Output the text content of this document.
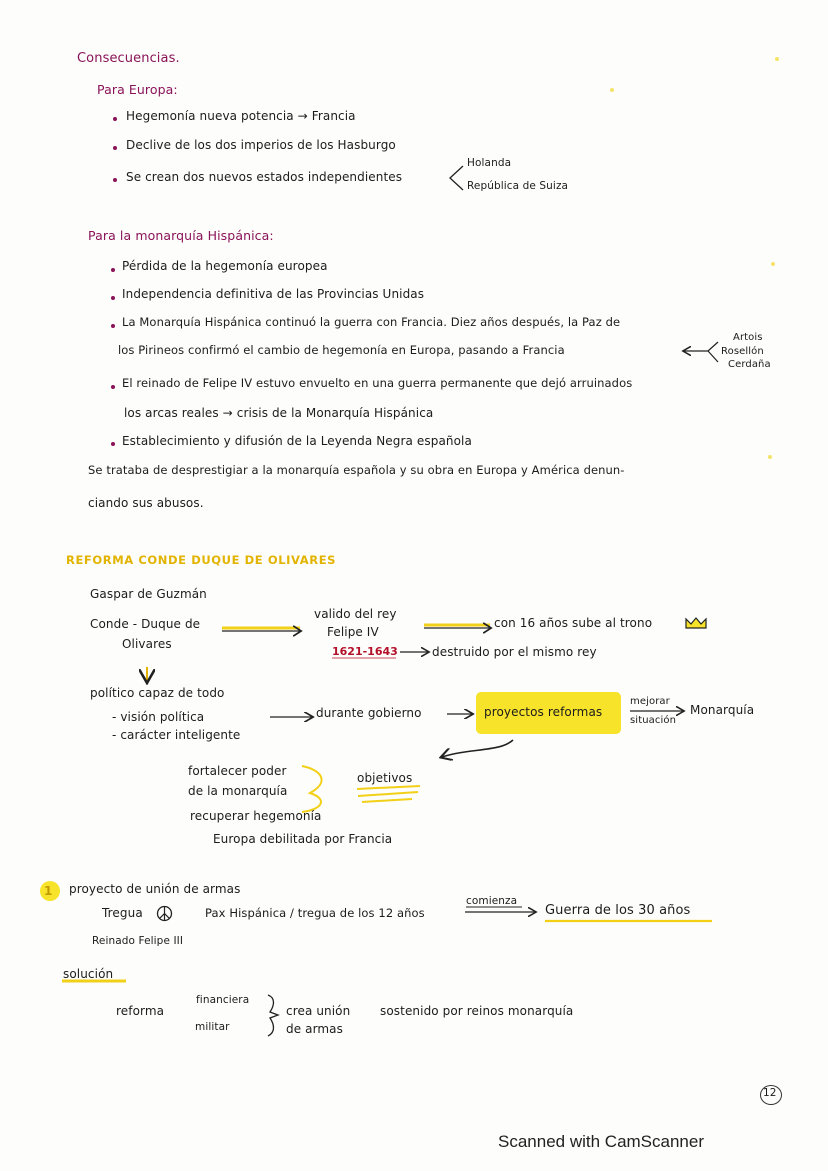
Consecuencias.
Para Europa:
Hegemonía nueva potencia → Francia
Declive de los dos imperios de los Hasburgo
Se crean dos nuevos estados independientes
Holanda
República de Suiza
Para la monarquía Hispánica:
Pérdida de la hegemonía europea
Independencia definitiva de las Provincias Unidas
La Monarquía Hispánica continuó la guerra con Francia. Diez años después, la Paz de
los Pirineos confirmó el cambio de hegemonía en Europa, pasando a Francia
Artois
Rosellón
Cerdaña
El reinado de Felipe IV estuvo envuelto en una guerra permanente que dejó arruinados
los arcas reales → crisis de la Monarquía Hispánica
Establecimiento y difusión de la Leyenda Negra española
Se trataba de desprestigiar a la monarquía española y su obra en Europa y América denun-
ciando sus abusos.
REFORMA CONDE DUQUE DE OLIVARES
Gaspar de Guzmán
Conde - Duque de
Olivares
valido del rey
Felipe IV
con 16 años sube al trono
1621-1643	destruido por el mismo rey
político capaz de todo
- visión política
- carácter inteligente
durante gobierno	proyectos reformas
mejorar
situación
Monarquía
fortalecer poder
de la monarquía
objetivos
recuperar hegemonía
Europa debilitada por Francia
1 proyecto de unión de armas
Tregua	Pax Hispánica / tregua de los 12 años
comienza
Guerra de los 30 años
Reinado Felipe III
solución
reforma
financiera
militar
crea unión
de armas
sostenido por reinos monarquía
12
Scanned with CamScanner
